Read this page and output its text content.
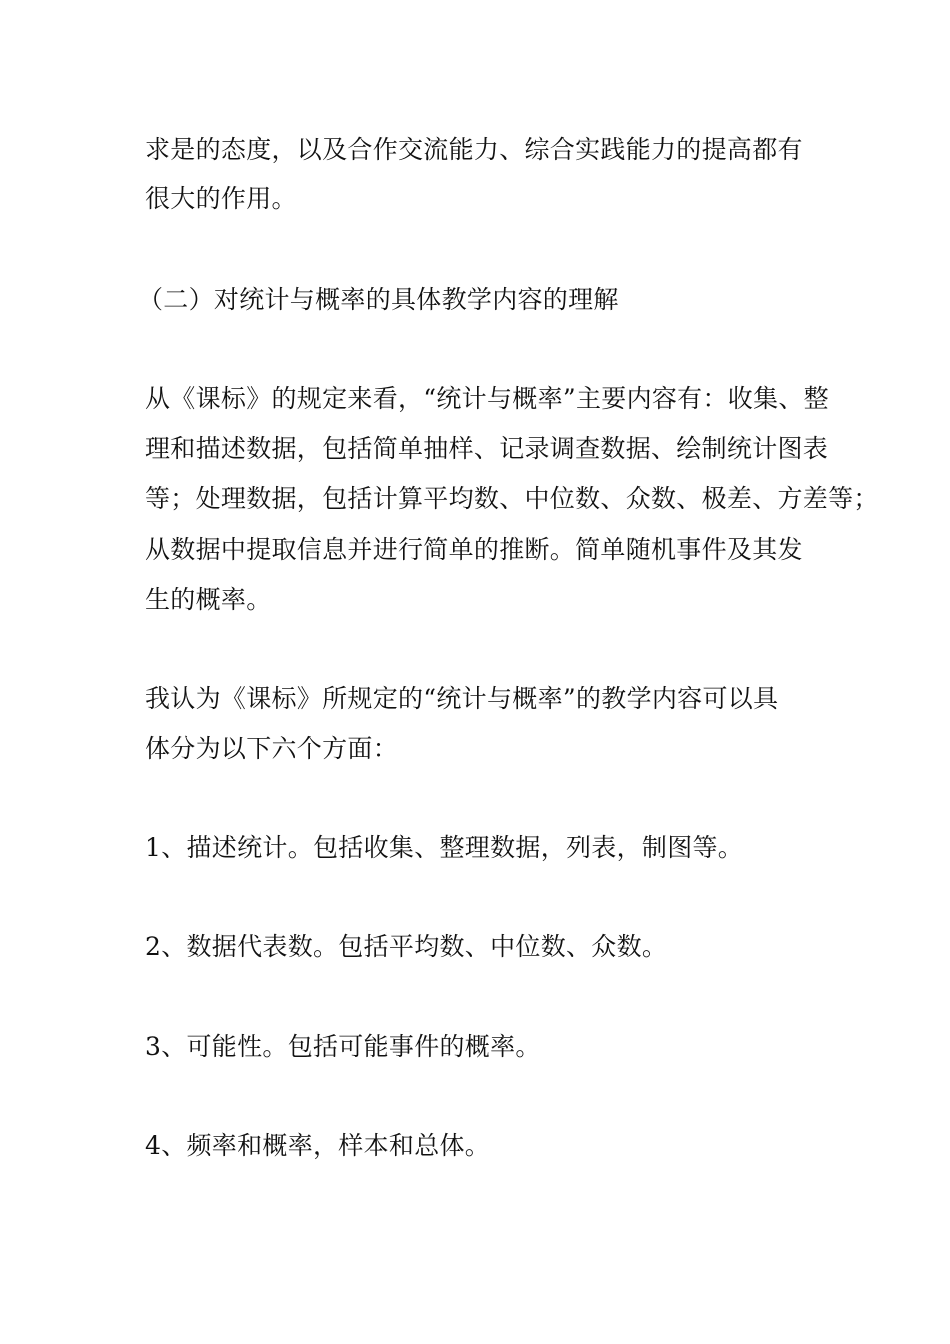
求是的态度，以及合作交流能力、综合实践能力的提高都有
很大的作用。
（二）对统计与概率的具体教学内容的理解
从《课标》的规定来看，“统计与概率”主要内容有：收集、整
理和描述数据，包括简单抽样、记录调查数据、绘制统计图表
等；处理数据，包括计算平均数、中位数、众数、极差、方差等；
从数据中提取信息并进行简单的推断。简单随机事件及其发
生的概率。
我认为《课标》所规定的“统计与概率”的教学内容可以具
体分为以下六个方面：
1、描述统计。包括收集、整理数据，列表，制图等。
2、数据代表数。包括平均数、中位数、众数。
3、可能性。包括可能事件的概率。
4、频率和概率，样本和总体。
